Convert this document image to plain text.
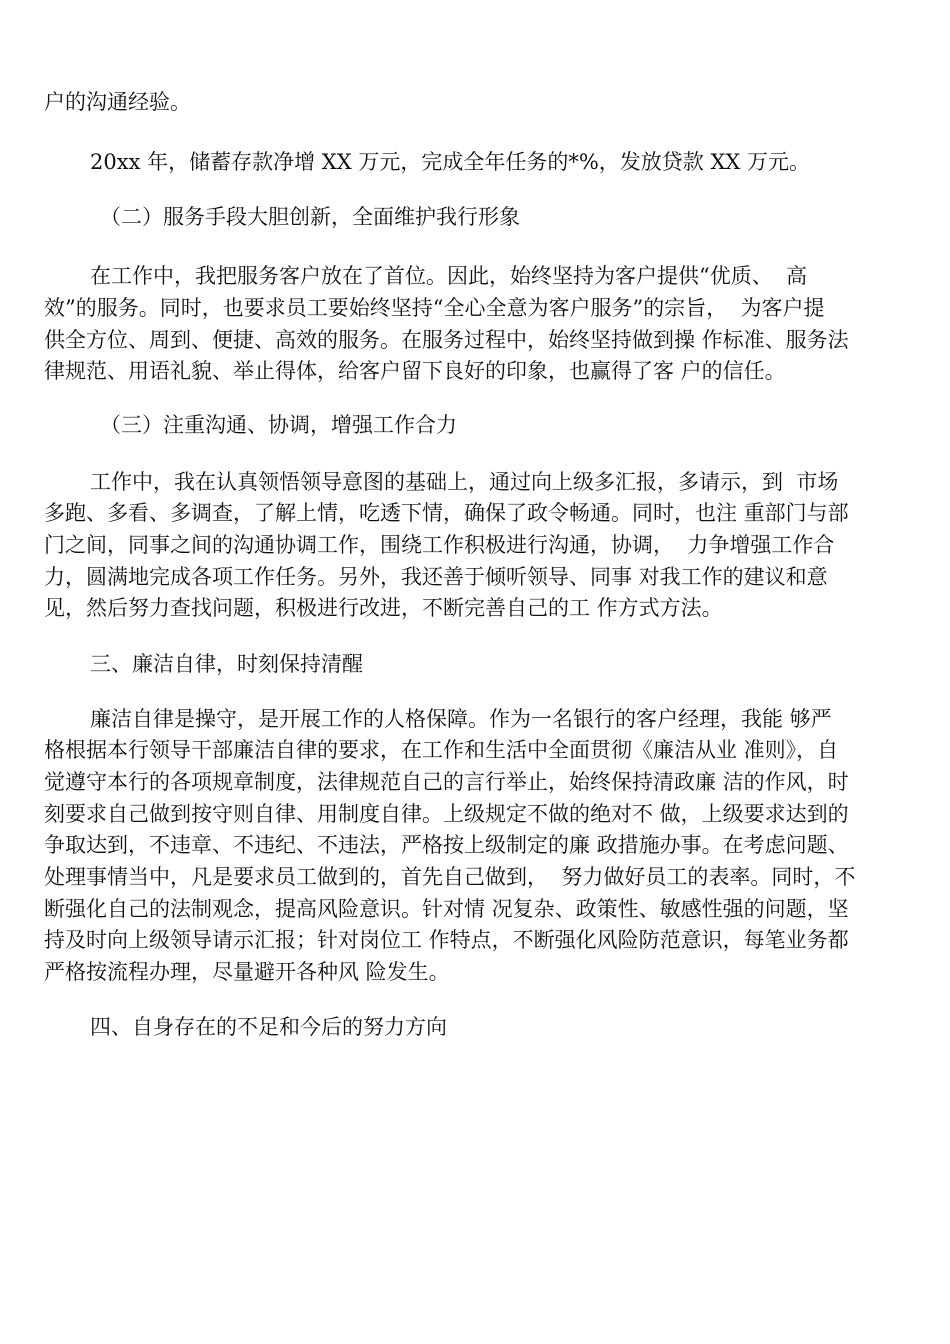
户的沟通经验。
20xx 年，储蓄存款净增 XX 万元，完成全年任务的*%，发放贷款 XX 万元。
（二）服务手段大胆创新，全面维护我行形象
在工作中，我把服务客户放在了首位。因此，始终坚持为客户提供“优质、  高
效”的服务。同时，也要求员工要始终坚持“全心全意为客户服务”的宗旨，  为客户提
供全方位、周到、便捷、高效的服务。在服务过程中，始终坚持做到操 作标准、服务法
律规范、用语礼貌、举止得体，给客户留下良好的印象，也赢得了客 户的信任。
（三）注重沟通、协调，增强工作合力
工作中，我在认真领悟领导意图的基础上，通过向上级多汇报，多请示，到  市场
多跑、多看、多调查，了解上情，吃透下情，确保了政令畅通。同时，也注 重部门与部
门之间，同事之间的沟通协调工作，围绕工作积极进行沟通，协调，  力争增强工作合
力，圆满地完成各项工作任务。另外，我还善于倾听领导、同事 对我工作的建议和意
见，然后努力查找问题，积极进行改进，不断完善自己的工 作方式方法。
三、廉洁自律，时刻保持清醒
廉洁自律是操守，是开展工作的人格保障。作为一名银行的客户经理，我能 够严
格根据本行领导干部廉洁自律的要求，在工作和生活中全面贯彻《廉洁从业 准则》，自
觉遵守本行的各项规章制度，法律规范自己的言行举止，始终保持清政廉 洁的作风，时
刻要求自己做到按守则自律、用制度自律。上级规定不做的绝对不 做，上级要求达到的
争取达到，不违章、不违纪、不违法，严格按上级制定的廉 政措施办事。在考虑问题、
处理事情当中，凡是要求员工做到的，首先自己做到，  努力做好员工的表率。同时，不
断强化自己的法制观念，提高风险意识。针对情 况复杂、政策性、敏感性强的问题，坚
持及时向上级领导请示汇报；针对岗位工 作特点，不断强化风险防范意识，每笔业务都
严格按流程办理，尽量避开各种风 险发生。
四、自身存在的不足和今后的努力方向
